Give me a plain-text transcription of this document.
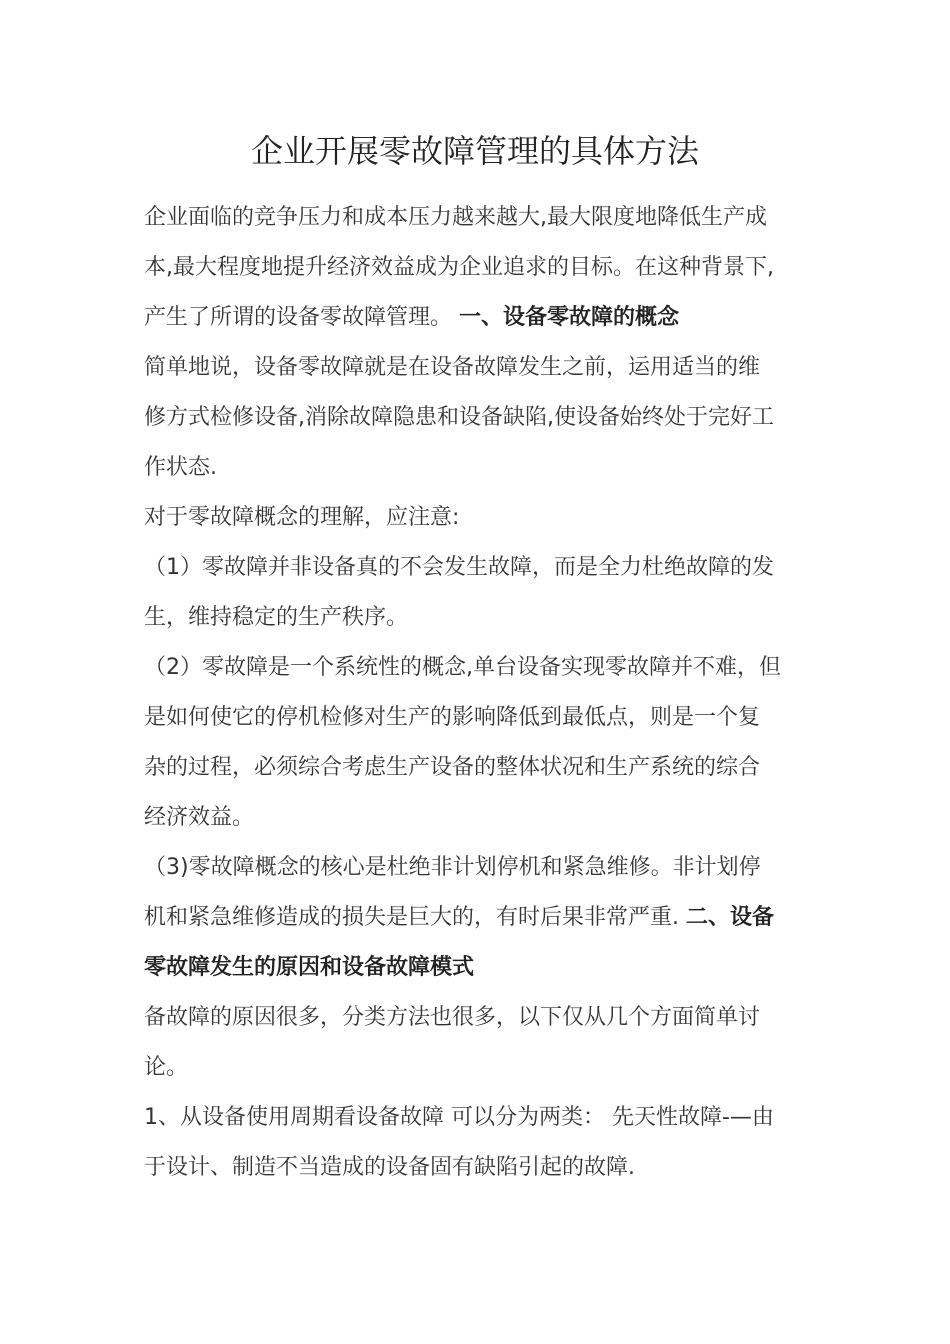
企业开展零故障管理的具体方法
企业面临的竞争压力和成本压力越来越大,最大限度地降低生产成
本,最大程度地提升经济效益成为企业追求的目标。在这种背景下,
产生了所谓的设备零故障管理。 一、设备零故障的概念
简单地说，设备零故障就是在设备故障发生之前，运用适当的维
修方式检修设备,消除故障隐患和设备缺陷,使设备始终处于完好工
作状态.
对于零故障概念的理解，应注意:
（1）零故障并非设备真的不会发生故障，而是全力杜绝故障的发
生，维持稳定的生产秩序。
（2）零故障是一个系统性的概念,单台设备实现零故障并不难，但
是如何使它的停机检修对生产的影响降低到最低点，则是一个复
杂的过程，必须综合考虑生产设备的整体状况和生产系统的综合
经济效益。
（3)零故障概念的核心是杜绝非计划停机和紧急维修。非计划停
机和紧急维修造成的损失是巨大的，有时后果非常严重. 二、设备
零故障发生的原因和设备故障模式
备故障的原因很多，分类方法也很多，以下仅从几个方面简单讨
论。
1、从设备使用周期看设备故障 可以分为两类： 先天性故障-—由
于设计、制造不当造成的设备固有缺陷引起的故障.
